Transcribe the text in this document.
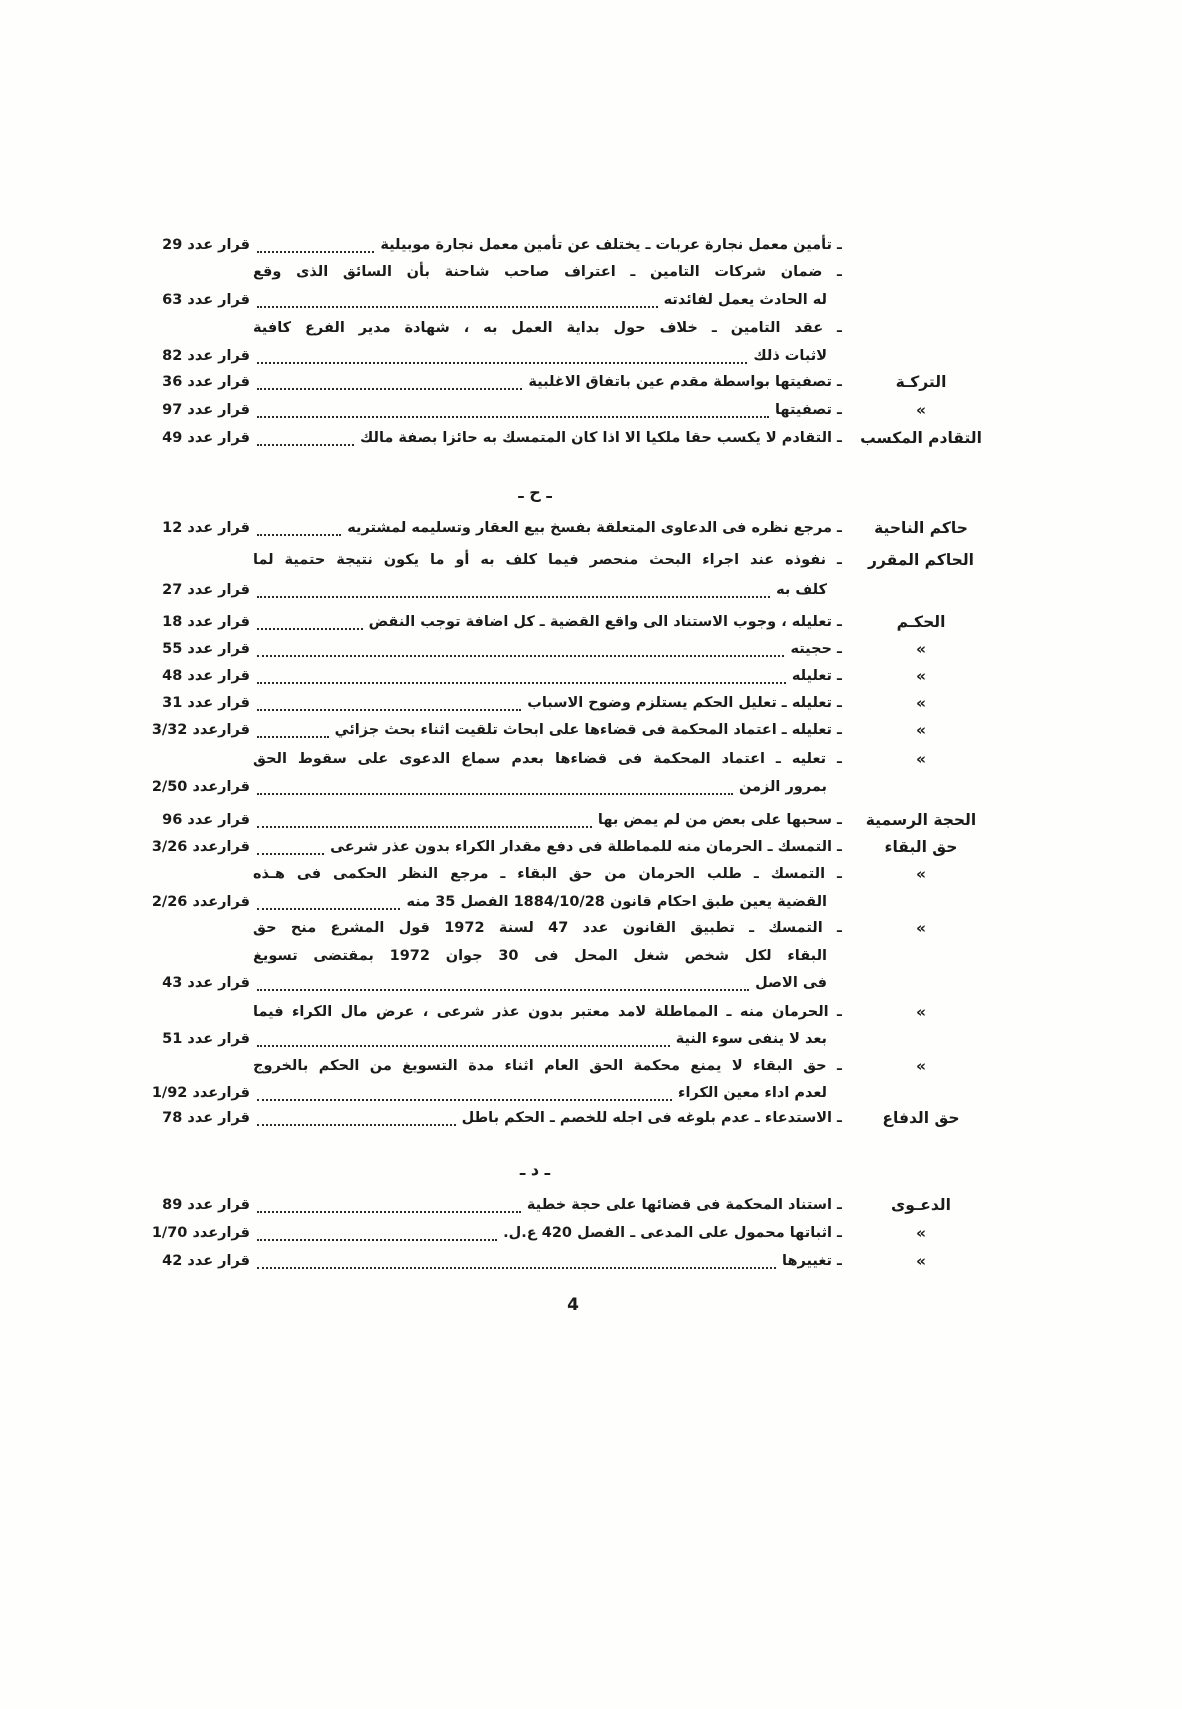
ـ تأمين معمل نجارة عربات ـ يختلف عن تأمين معمل نجارة موبيلية
قرار عدد 29
ـ ضمان شركات التامين ـ اعتراف صاحب شاحنة بأن السائق الذى وقع
له الحادث يعمل لفائدته
قرار عدد 63
ـ عقد التامين ـ خلاف حول بداية العمل به ، شهادة مدير الفرع كافية
لاثبات ذلك
قرار عدد 82
التركـة
ـ تصفيتها بواسطة مقدم عين باتفاق الاغلبية
قرار عدد 36
»
ـ تصفيتها
قرار عدد 97
التقادم المكسب
ـ التقادم لا يكسب حقا ملكيا الا اذا كان المتمسك به حائزا بصفة مالك
قرار عدد 49
ـ ح ـ
حاكم الناحية
ـ مرجع نظره فى الدعاوى المتعلقة بفسخ بيع العقار وتسليمه لمشتريه
قرار عدد 12
الحاكم المقرر
ـ نفوذه عند اجراء البحث منحصر فيما كلف به أو ما يكون نتيجة حتمية لما
كلف به
قرار عدد 27
الحكـم
ـ تعليله ، وجوب الاستناد الى واقع القضية ـ كل اضافة توجب النقض
قرار عدد 18
»
ـ حجيته
قرار عدد 55
»
ـ تعليله
قرار عدد 48
»
ـ تعليله ـ تعليل الحكم يستلزم وضوح الاسباب
قرار عدد 31
»
ـ تعليله ـ اعتماد المحكمة فى قضاءها على ابحاث تلقيت اثناء بحث جزائي
قرارعدد 3/32
»
ـ تعليه ـ اعتماد المحكمة فى قضاءها بعدم سماع الدعوى على سقوط الحق
بمرور الزمن
قرارعدد 2/50
الحجة الرسمية
ـ سحبها على بعض من لم يمض بها
قرار عدد 96
حق البقاء
ـ التمسك ـ الحرمان منه للمماطلة فى دفع مقدار الكراء بدون عذر شرعى
قرارعدد 3/26
»
ـ التمسك ـ طلب الحرمان من حق البقاء ـ مرجع النظر الحكمى فى هـذه
القضية يعين طبق احكام قانون 1884/10/28 الفصل 35 منه
قرارعدد 2/26
»
ـ التمسك ـ تطبيق القانون عدد 47 لسنة 1972 قول المشرع منح حق
البقاء لكل شخص شغل المحل فى 30 جوان 1972 بمقتضى تسويغ
فى الاصل
قرار عدد 43
»
ـ الحرمان منه ـ المماطلة لامد معتبر بدون عذر شرعى ، عرض مال الكراء فيما
بعد لا ينفى سوء النية
قرار عدد 51
»
ـ حق البقاء لا يمنع محكمة الحق العام اثناء مدة التسويغ من الحكم بالخروج
لعدم اداء معين الكراء
قرارعدد 1/92
حق الدفاع
ـ الاستدعاء ـ عدم بلوغه فى اجله للخصم ـ الحكم باطل
قرار عدد 78
ـ د ـ
الدعـوى
ـ استناد المحكمة فى قضائها على حجة خطية
قرار عدد 89
»
ـ اثباتها محمول على المدعى ـ الفصل 420 ع.ل.
قرارعدد 1/70
»
ـ تغييرها
قرار عدد 42
4
